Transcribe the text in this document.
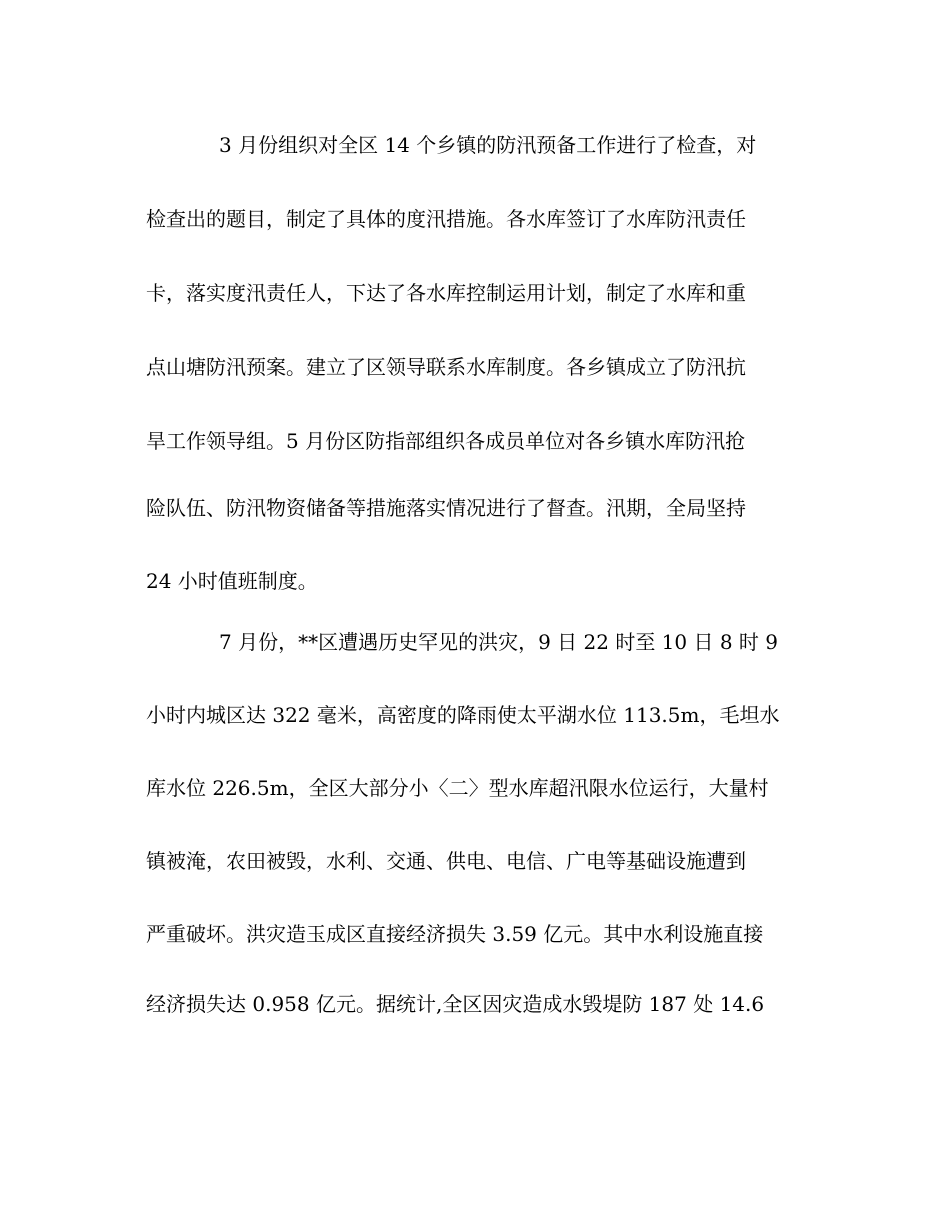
3 月份组织对全区 14 个乡镇的防汛预备工作进行了检查，对
检查出的题目，制定了具体的度汛措施。各水库签订了水库防汛责任
卡，落实度汛责任人，下达了各水库控制运用计划，制定了水库和重
点山塘防汛预案。建立了区领导联系水库制度。各乡镇成立了防汛抗
旱工作领导组。5 月份区防指部组织各成员单位对各乡镇水库防汛抢
险队伍、防汛物资储备等措施落实情况进行了督查。汛期，全局坚持
24 小时值班制度。
7 月份，**区遭遇历史罕见的洪灾，9 日 22 时至 10 日 8 时 9
小时内城区达 322 毫米，高密度的降雨使太平湖水位 113.5m，毛坦水
库水位 226.5m，全区大部分小〈二〉型水库超汛限水位运行，大量村
镇被淹，农田被毁，水利、交通、供电、电信、广电等基础设施遭到
严重破坏。洪灾造玉成区直接经济损失 3.59 亿元。其中水利设施直接
经济损失达 0.958 亿元。据统计,全区因灾造成水毁堤防 187 处 14.6
